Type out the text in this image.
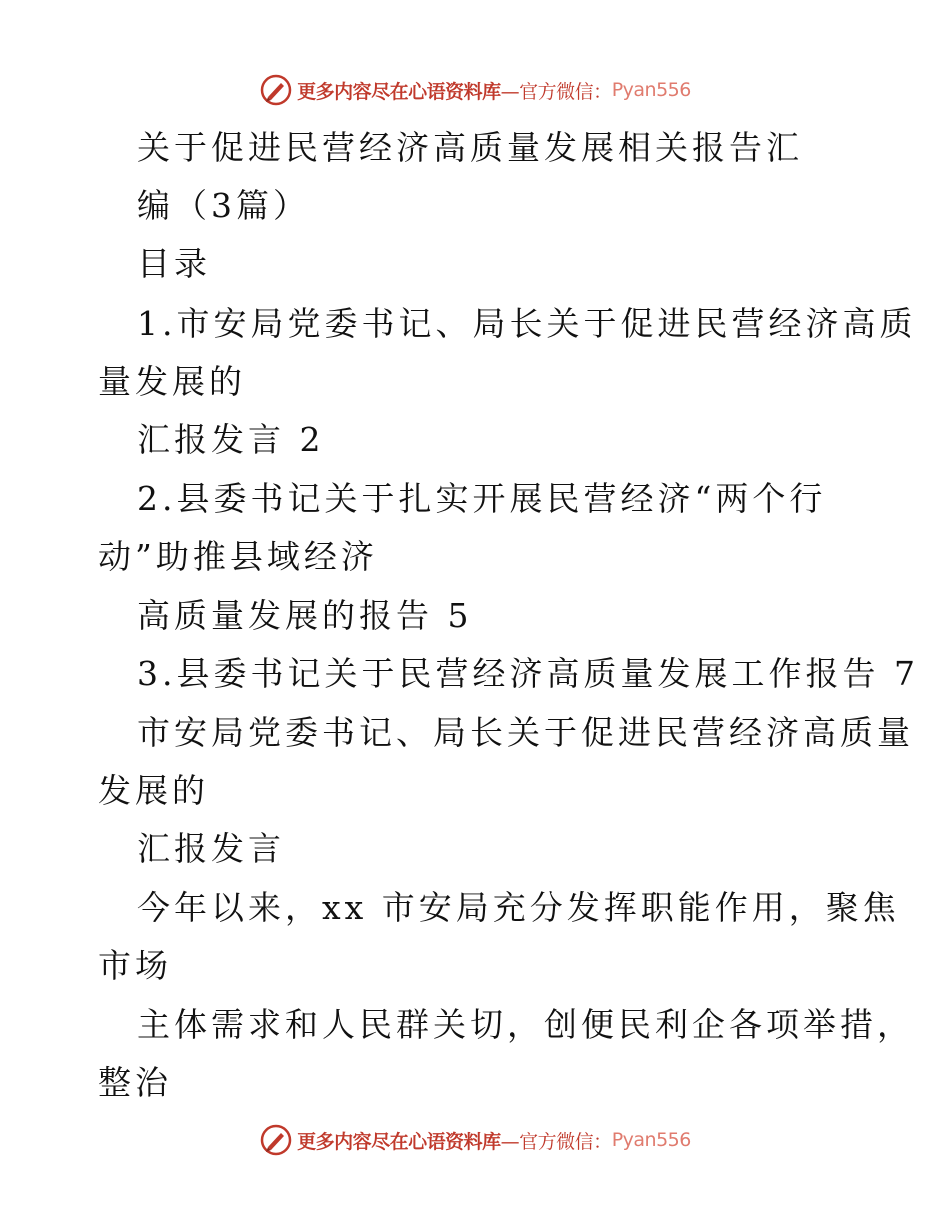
更多内容尽在心语资料库 —官方微信： Pyan556
关于促进民营经济高质量发展相关报告汇
编（3篇）
目录
1.市安局党委书记、局长关于促进民营经济高质
量发展的
汇报发言 2
2.县委书记关于扎实开展民营经济“两个行
动”助推县域经济
高质量发展的报告 5
3.县委书记关于民营经济高质量发展工作报告 7
市安局党委书记、局长关于促进民营经济高质量
发展的
汇报发言
今年以来，xx 市安局充分发挥职能作用，聚焦
市场
主体需求和人民群关切，创便民利企各项举措，
整治
更多内容尽在心语资料库 —官方微信： Pyan556
